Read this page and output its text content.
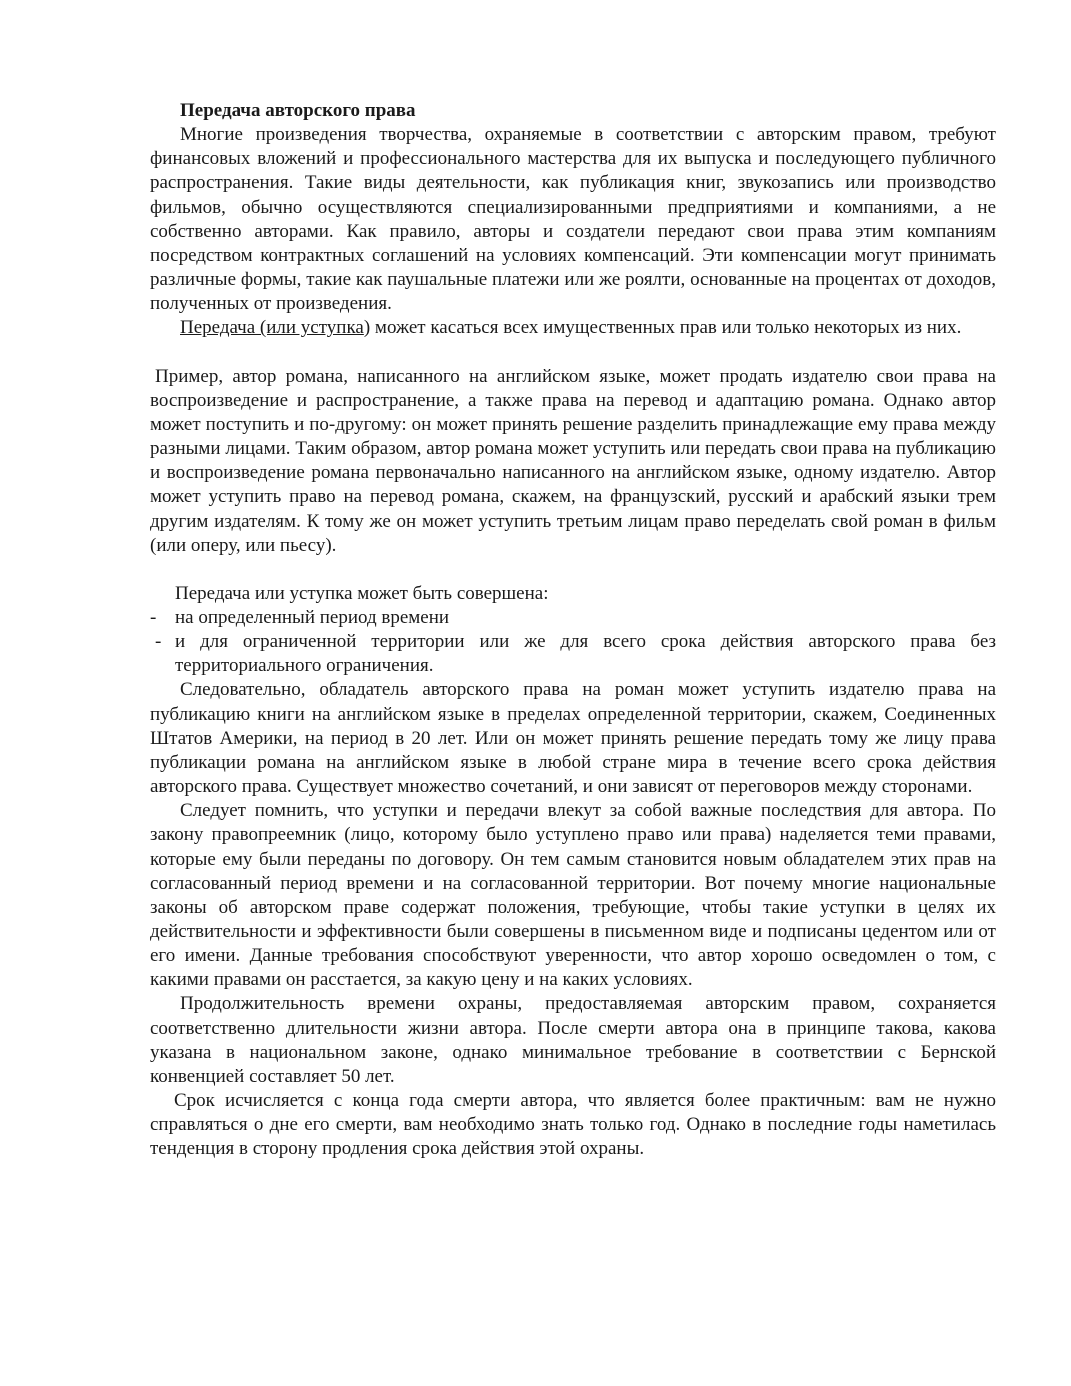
Передача авторского права

Многие произведения творчества, охраняемые в соответствии с авторским правом, требуют финансовых вложений и профессионального мастерства для их выпуска и последующего публичного распространения. Такие виды деятельности, как публикация книг, звукозапись или производство фильмов, обычно осуществляются специализированными предприятиями и компаниями, а не собственно авторами. Как правило, авторы и создатели передают свои права этим компаниям посредством контрактных соглашений на условиях компенсаций. Эти компенсации могут принимать различные формы, такие как паушальные платежи или же роялти, основанные на процентах от доходов, полученных от произведения.

Передача (или уступка) может касаться всех имущественных прав или только некоторых из них.

Пример, автор романа, написанного на английском языке, может продать издателю свои права на воспроизведение и распространение, а также права на перевод и адаптацию романа. Однако автор может поступить и по-другому: он может принять решение разделить принадлежащие ему права между разными лицами. Таким образом, автор романа может уступить или передать свои права на публикацию и воспроизведение романа первоначально написанного на английском языке, одному издателю. Автор может уступить право на перевод романа, скажем, на французский, русский и арабский языки трем другим издателям. К тому же он может уступить третьим лицам право переделать свой роман в фильм (или оперу, или пьесу).

Передача или уступка может быть совершена:

- на определенный период времени
- и для ограниченной территории или же для всего срока действия авторского права без территориального ограничения.

Следовательно, обладатель авторского права на роман может уступить издателю права на публикацию книги на английском языке в пределах определенной территории, скажем, Соединенных Штатов Америки, на период в 20 лет. Или он может принять решение передать тому же лицу права публикации романа на английском языке в любой стране мира в течение всего срока действия авторского права. Существует множество сочетаний, и они зависят от переговоров между сторонами.

Следует помнить, что уступки и передачи влекут за собой важные последствия для автора. По закону правопреемник (лицо, которому было уступлено право или права) наделяется теми правами, которые ему были переданы по договору. Он тем самым становится новым обладателем этих прав на согласованный период времени и на согласованной территории. Вот почему многие национальные законы об авторском праве содержат положения, требующие, чтобы такие уступки в целях их действительности и эффективности были совершены в письменном виде и подписаны цедентом или от его имени. Данные требования способствуют уверенности, что автор хорошо осведомлен о том, с какими правами он расстается, за какую цену и на каких условиях.

Продолжительность времени охраны, предоставляемая авторским правом, сохраняется соответственно длительности жизни автора. После смерти автора она в принципе такова, какова указана в национальном законе, однако минимальное требование в соответствии с Бернской конвенцией составляет 50 лет.

Срок исчисляется с конца года смерти автора, что является более практичным: вам не нужно справляться о дне его смерти, вам необходимо знать только год. Однако в последние годы наметилась тенденция в сторону продления срока действия этой охраны.
